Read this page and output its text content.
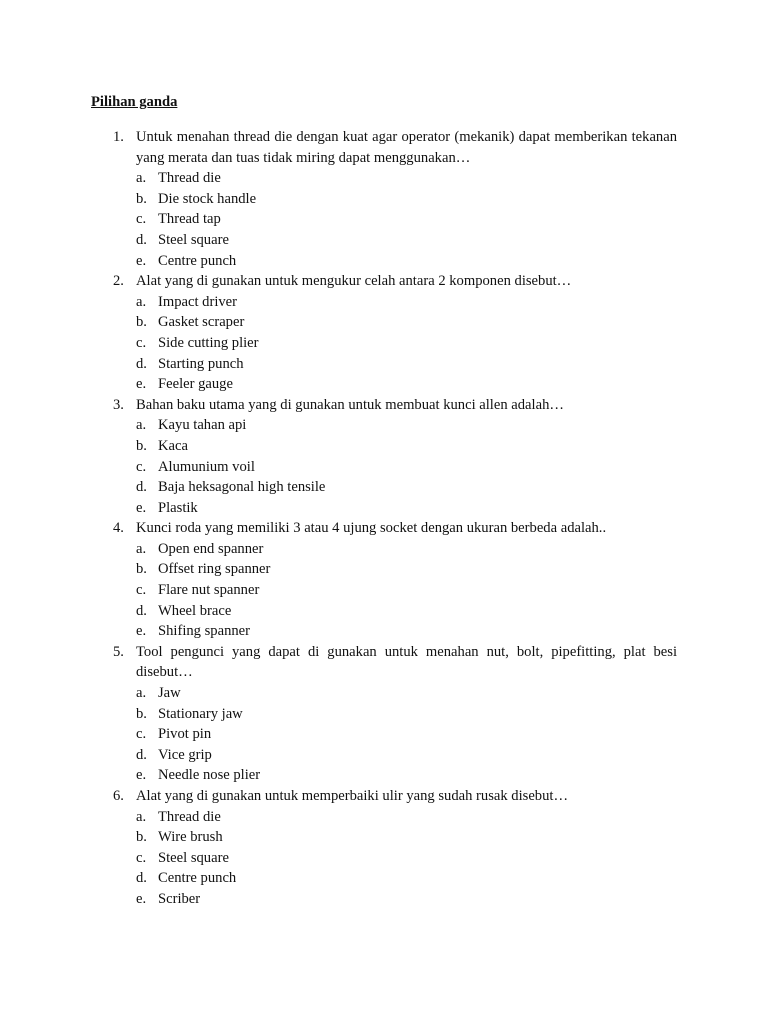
Pilihan ganda
1. Untuk menahan thread die dengan kuat agar operator (mekanik) dapat memberikan tekanan yang merata dan tuas tidak miring dapat menggunakan…
a. Thread die
b. Die stock handle
c. Thread tap
d. Steel square
e. Centre punch
2. Alat yang di gunakan untuk mengukur celah antara 2 komponen disebut…
a. Impact driver
b. Gasket scraper
c. Side cutting plier
d. Starting punch
e. Feeler gauge
3. Bahan baku utama yang di gunakan untuk membuat kunci allen adalah…
a. Kayu tahan api
b. Kaca
c. Alumunium voil
d. Baja heksagonal high tensile
e. Plastik
4. Kunci roda yang memiliki 3 atau 4 ujung socket dengan ukuran berbeda adalah..
a. Open end spanner
b. Offset ring spanner
c. Flare nut spanner
d. Wheel brace
e. Shifing spanner
5. Tool pengunci yang dapat di gunakan untuk menahan nut, bolt, pipefitting, plat besi disebut…
a. Jaw
b. Stationary jaw
c. Pivot pin
d. Vice grip
e. Needle nose plier
6. Alat yang di gunakan untuk memperbaiki ulir yang sudah rusak disebut…
a. Thread die
b. Wire brush
c. Steel square
d. Centre punch
e. Scriber
